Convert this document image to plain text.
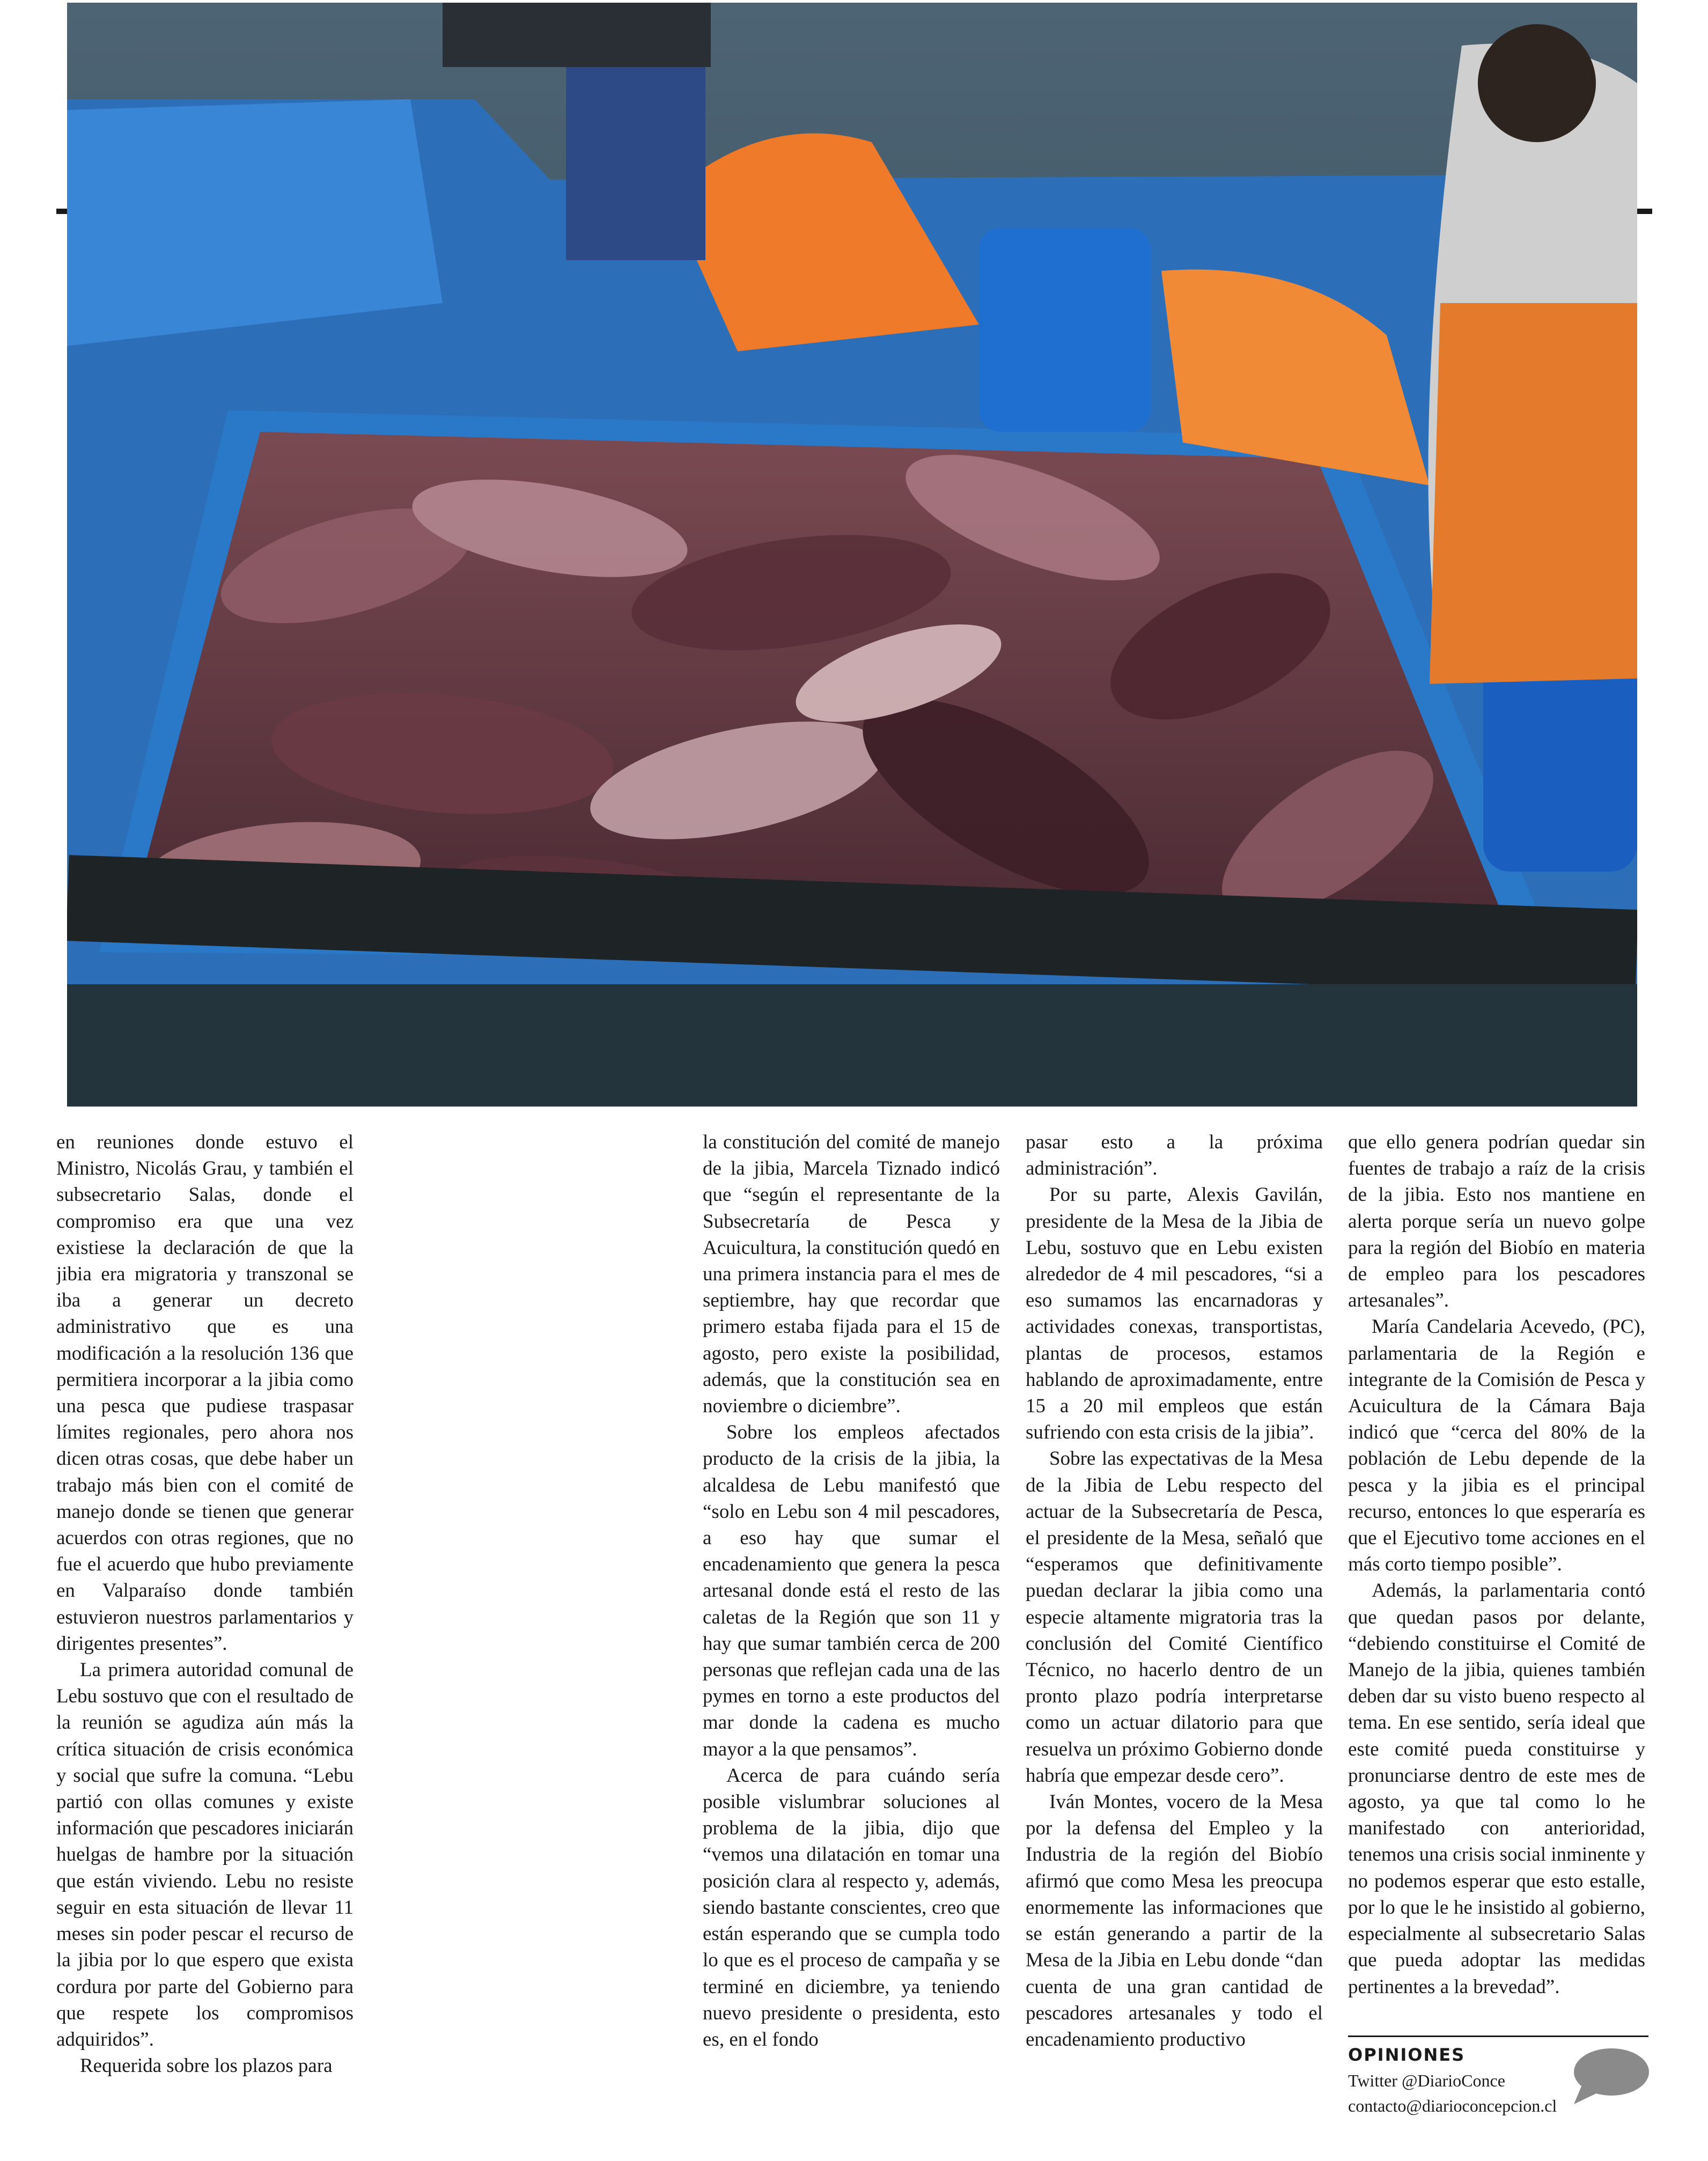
en reuniones donde estuvo el Ministro, Nicolás Grau, y también el subsecretario Salas, donde el compromiso era que una vez existiese la declaración de que la jibia era migratoria y transzonal se iba a generar un decreto administrativo que es una modificación a la resolución 136 que permitiera incorporar a la jibia como una pesca que pudiese traspasar límites regionales, pero ahora nos dicen otras cosas, que debe haber un trabajo más bien con el comité de manejo donde se tienen que generar acuerdos con otras regiones, que no fue el acuerdo que hubo previamente en Valparaíso donde también estuvieron nuestros parlamentarios y dirigentes presentes”.

La primera autoridad comunal de Lebu sostuvo que con el resultado de la reunión se agudiza aún más la crítica situación de crisis económica y social que sufre la comuna. “Lebu partió con ollas comunes y existe información que pescadores iniciarán huelgas de hambre por la situación que están viviendo. Lebu no resiste seguir en esta situación de llevar 11 meses sin poder pescar el recurso de la jibia por lo que espero que exista cordura por parte del Gobierno para que respete los compromisos adquiridos”.

Requerida sobre los plazos para

la constitución del comité de manejo de la jibia, Marcela Tiznado indicó que “según el representante de la Subsecretaría de Pesca y Acuicultura, la constitución quedó en una primera instancia para el mes de septiembre, hay que recordar que primero estaba fijada para el 15 de agosto, pero existe la posibilidad, además, que la constitución sea en noviembre o diciembre”.

Sobre los empleos afectados producto de la crisis de la jibia, la alcaldesa de Lebu manifestó que “solo en Lebu son 4 mil pescadores, a eso hay que sumar el encadenamiento que genera la pesca artesanal donde está el resto de las caletas de la Región que son 11 y hay que sumar también cerca de 200 personas que reflejan cada una de las pymes en torno a este productos del mar donde la cadena es mucho mayor a la que pensamos”.

Acerca de para cuándo sería posible vislumbrar soluciones al problema de la jibia, dijo que “vemos una dilatación en tomar una posición clara al respecto y, además, siendo bastante conscientes, creo que están esperando que se cumpla todo lo que es el proceso de campaña y se terminé en diciembre, ya teniendo nuevo presidente o presidenta, esto es, en el fondo

pasar esto a la próxima administración”.

Por su parte, Alexis Gavilán, presidente de la Mesa de la Jibia de Lebu, sostuvo que en Lebu existen alrededor de 4 mil pescadores, “si a eso sumamos las encarnadoras y actividades conexas, transportistas, plantas de procesos, estamos hablando de aproximadamente, entre 15 a 20 mil empleos que están sufriendo con esta crisis de la jibia”.

Sobre las expectativas de la Mesa de la Jibia de Lebu respecto del actuar de la Subsecretaría de Pesca, el presidente de la Mesa, señaló que “esperamos que definitivamente puedan declarar la jibia como una especie altamente migratoria tras la conclusión del Comité Científico Técnico, no hacerlo dentro de un pronto plazo podría interpretarse como un actuar dilatorio para que resuelva un próximo Gobierno donde habría que empezar desde cero”.

Iván Montes, vocero de la Mesa por la defensa del Empleo y la Industria de la región del Biobío afirmó que como Mesa les preocupa enormemente las informaciones que se están generando a partir de la Mesa de la Jibia en Lebu donde “dan cuenta de una gran cantidad de pescadores artesanales y todo el encadenamiento productivo

que ello genera podrían quedar sin fuentes de trabajo a raíz de la crisis de la jibia. Esto nos mantiene en alerta porque sería un nuevo golpe para la región del Biobío en materia de empleo para los pescadores artesanales”.

María Candelaria Acevedo, (PC), parlamentaria de la Región e integrante de la Comisión de Pesca y Acuicultura de la Cámara Baja indicó que “cerca del 80% de la población de Lebu depende de la pesca y la jibia es el principal recurso, entonces lo que esperaría es que el Ejecutivo tome acciones en el más corto tiempo posible”.

Además, la parlamentaria contó que quedan pasos por delante, “debiendo constituirse el Comité de Manejo de la jibia, quienes también deben dar su visto bueno respecto al tema. En ese sentido, sería ideal que este comité pueda constituirse y pronunciarse dentro de este mes de agosto, ya que tal como lo he manifestado con anterioridad, tenemos una crisis social inminente y no podemos esperar que esto estalle, por lo que le he insistido al gobierno, especialmente al subsecretario Salas que pueda adoptar las medidas pertinentes a la brevedad”.

OPINIONES
Twitter @DiarioConce
contacto@diarioconcepcion.cl
